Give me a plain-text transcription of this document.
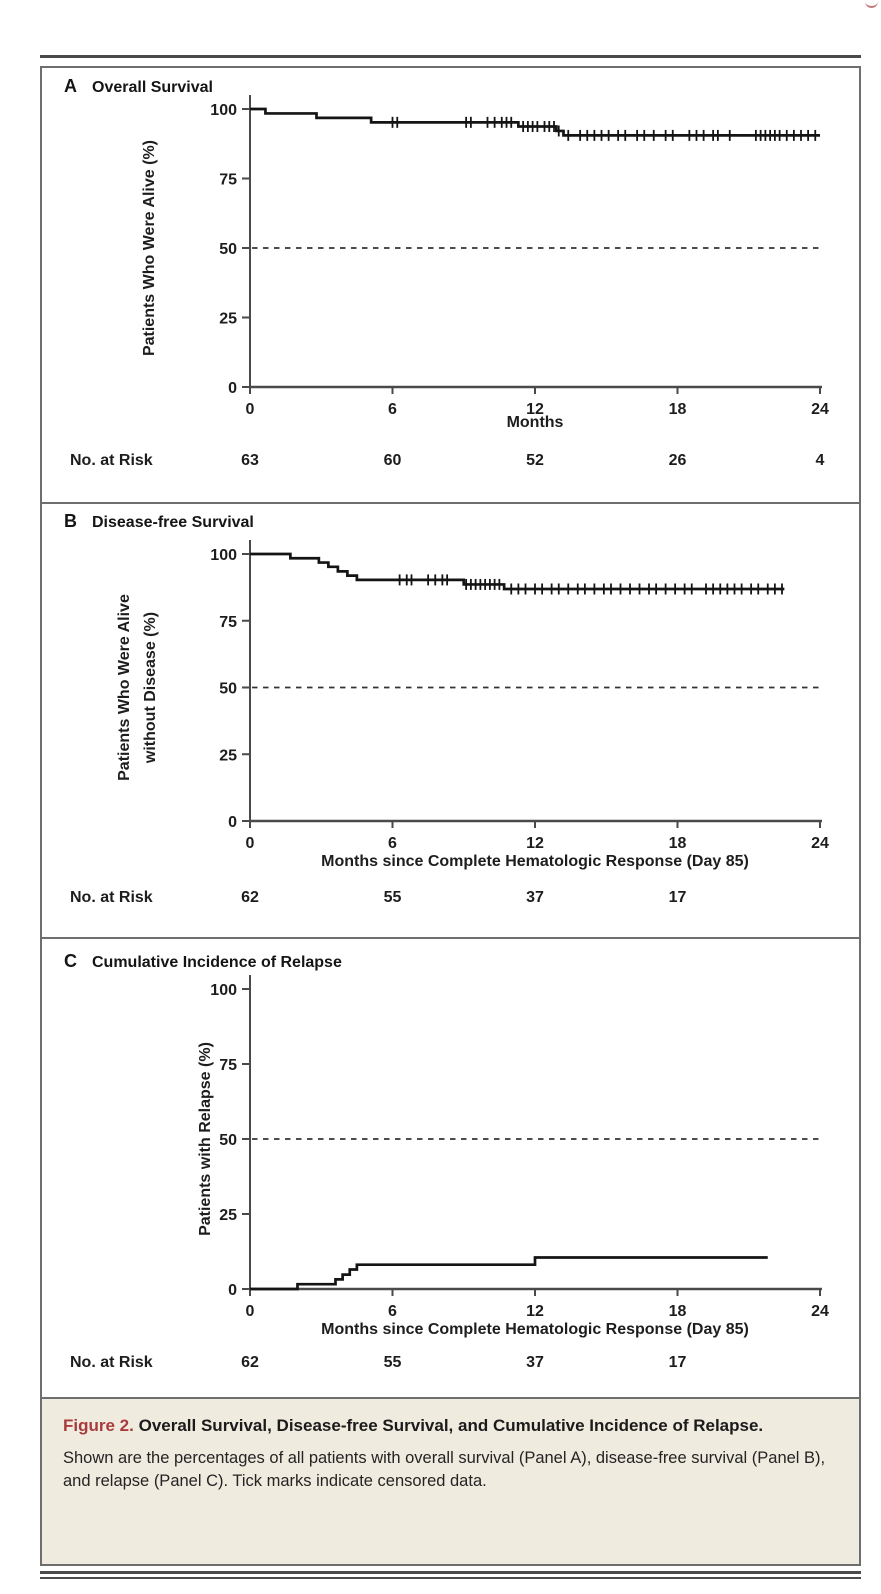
A Overall Survival
0
25
50
75
100
0	6	12	18	24
Months
Patients Who Were Alive (%)
No. at Risk	63	60	52	26	4
B Disease-free Survival
0
25
50
75
100
0	6	12	18	24
Months since Complete Hematologic Response (Day 85)
Patients Who Were Alive without Disease (%)
No. at Risk	62	55	37	17
C Cumulative Incidence of Relapse
0
25
50
75
100
0	6	12	18	24
Months since Complete Hematologic Response (Day 85)
Patients with Relapse (%)
No. at Risk	62	55	37	17

Figure 2. Overall Survival, Disease-free Survival, and Cumulative Incidence of Relapse.

Shown are the percentages of all patients with overall survival (Panel A), disease-free survival (Panel B), and relapse (Panel C). Tick marks indicate censored data.
